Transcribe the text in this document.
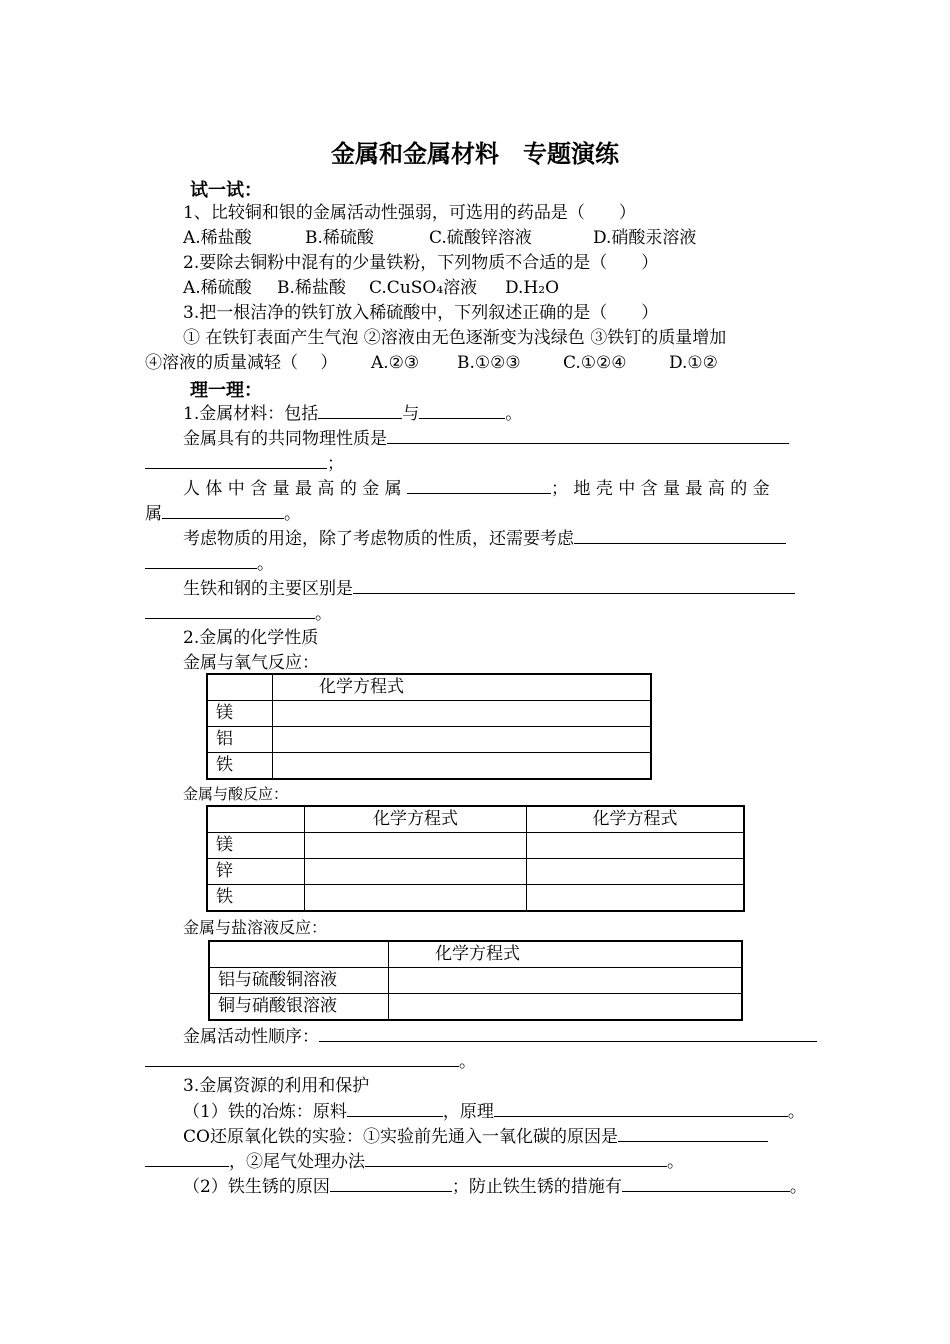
金属和金属材料　专题演练
试一试：
1、比较铜和银的金属活动性强弱，可选用的药品是（　　）
A.稀盐酸	B.稀硫酸	C.硫酸锌溶液	D.硝酸汞溶液
2.要除去铜粉中混有的少量铁粉，下列物质不合适的是（　　）
A.稀硫酸 B.稀盐酸 C.CuSO₄溶液 D.H₂O
3.把一根洁净的铁钉放入稀硫酸中，下列叙述正确的是（　　）
① 在铁钉表面产生气泡 ②溶液由无色逐渐变为浅绿色 ③铁钉的质量增加
④溶液的质量减轻（　 ） A.②③ B.①②③ C.①②④ D.①②
理一理：
1.金属材料：包括	与	。
金属具有的共同物理性质是
；
人 体 中 含 量 最 高 的 金 属	； 地 壳 中 含 量 最 高 的 金
属	。
考虑物质的用途，除了考虑物质的性质，还需要考虑
。
生铁和钢的主要区别是
。
2.金属的化学性质
金属与氧气反应：
	化学方程式
镁	
铝	
铁	
金属与酸反应：
	化学方程式	化学方程式
镁		
锌		
铁		
金属与盐溶液反应：
	化学方程式
铝与硫酸铜溶液	
铜与硝酸银溶液	
金属活动性顺序：
。
3.金属资源的利用和保护
（1）铁的冶炼：原料	，原理	。
CO还原氧化铁的实验：①实验前先通入一氧化碳的原因是
，②尾气处理办法	。
（2）铁生锈的原因	；防止铁生锈的措施有	。
